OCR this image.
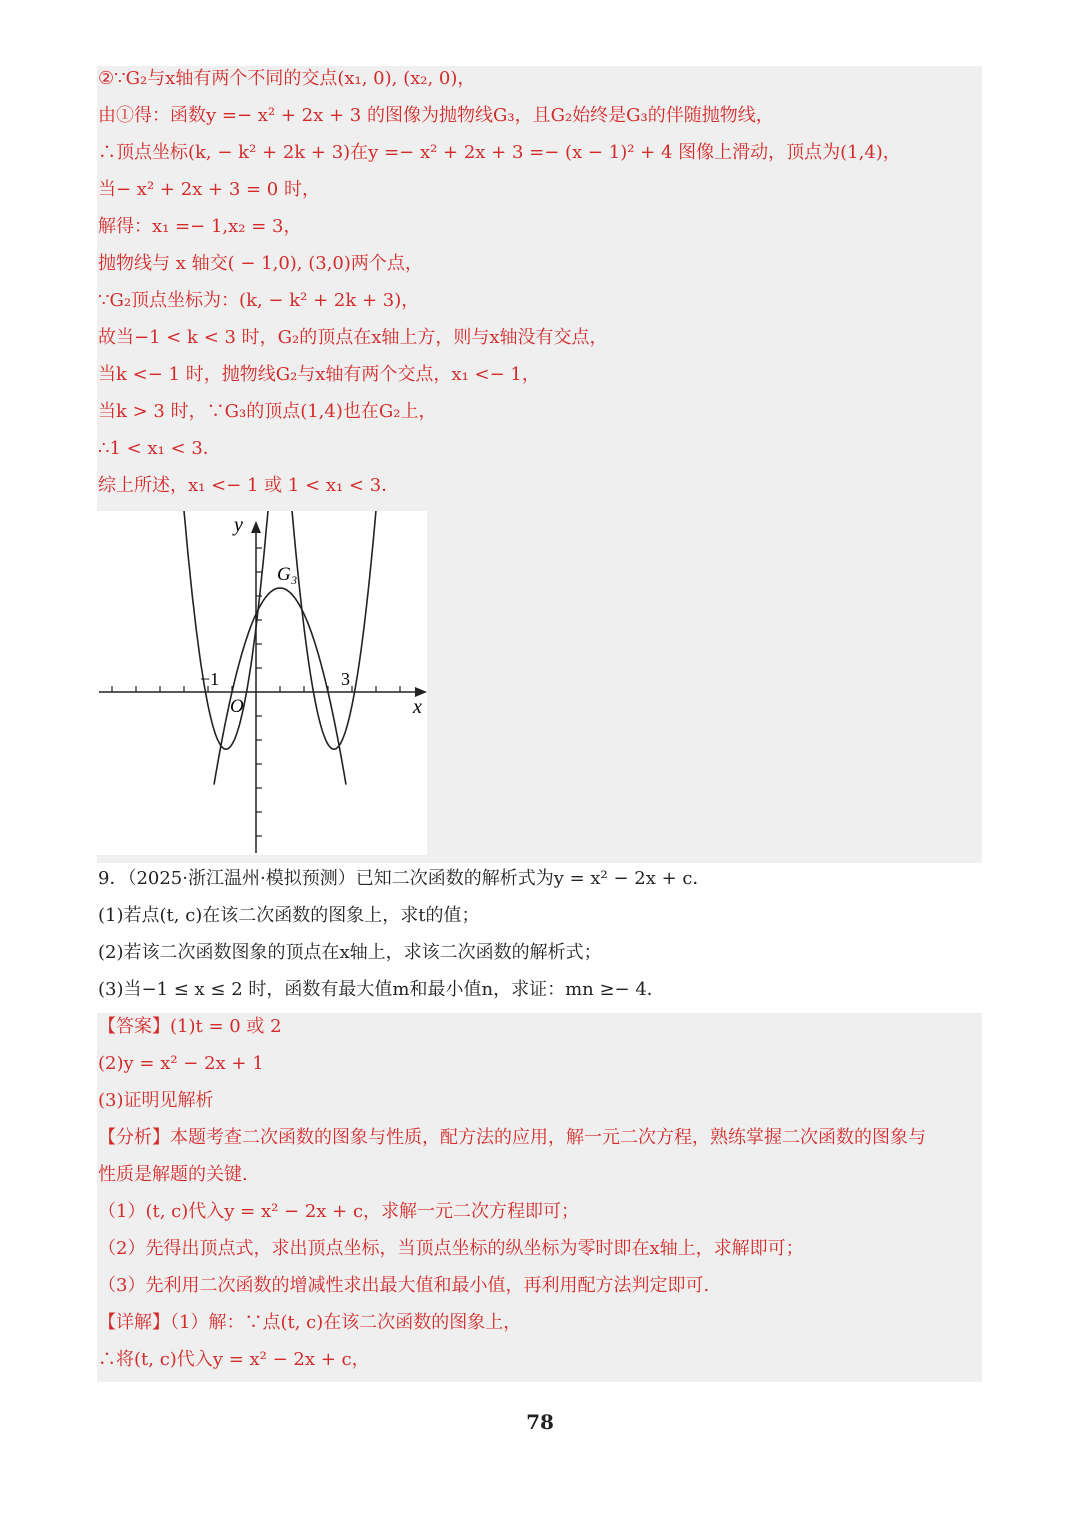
②∵G₂与x轴有两个不同的交点(x₁, 0), (x₂, 0)，
由①得：函数y =− x² + 2x + 3 的图像为抛物线G₃，且G₂始终是G₃的伴随抛物线，
∴顶点坐标(k, − k² + 2k + 3)在y =− x² + 2x + 3 =− (x − 1)² + 4 图像上滑动，顶点为(1,4)，
当− x² + 2x + 3 = 0 时，
解得：x₁ =− 1,x₂ = 3，
抛物线与 x 轴交( − 1,0), (3,0)两个点，
∵G₂顶点坐标为：(k, − k² + 2k + 3)，
故当−1 < k < 3 时，G₂的顶点在x轴上方，则与x轴没有交点，
当k <− 1 时，抛物线G₂与x轴有两个交点，x₁ <− 1，
当k > 3 时，∵G₃的顶点(1,4)也在G₂上，
∴1 < x₁ < 3．
综上所述，x₁ <− 1 或 1 < x₁ < 3．
y
x
O
G₃
−1	3
9．（2025·浙江温州·模拟预测）已知二次函数的解析式为y = x² − 2x + c．
(1)若点(t, c)在该二次函数的图象上，求t的值；
(2)若该二次函数图象的顶点在x轴上，求该二次函数的解析式；
(3)当−1 ≤ x ≤ 2 时，函数有最大值m和最小值n，求证：mn ≥− 4．
【答案】(1)t = 0 或 2
(2)y = x² − 2x + 1
(3)证明见解析
【分析】本题考查二次函数的图象与性质，配方法的应用，解一元二次方程，熟练掌握二次函数的图象与
性质是解题的关键.
（1）(t, c)代入y = x² − 2x + c，求解一元二次方程即可；
（2）先得出顶点式，求出顶点坐标，当顶点坐标的纵坐标为零时即在x轴上，求解即可；
（3）先利用二次函数的增减性求出最大值和最小值，再利用配方法判定即可.
【详解】（1）解：∵点(t, c)在该二次函数的图象上，
∴将(t, c)代入y = x² − 2x + c，
78
